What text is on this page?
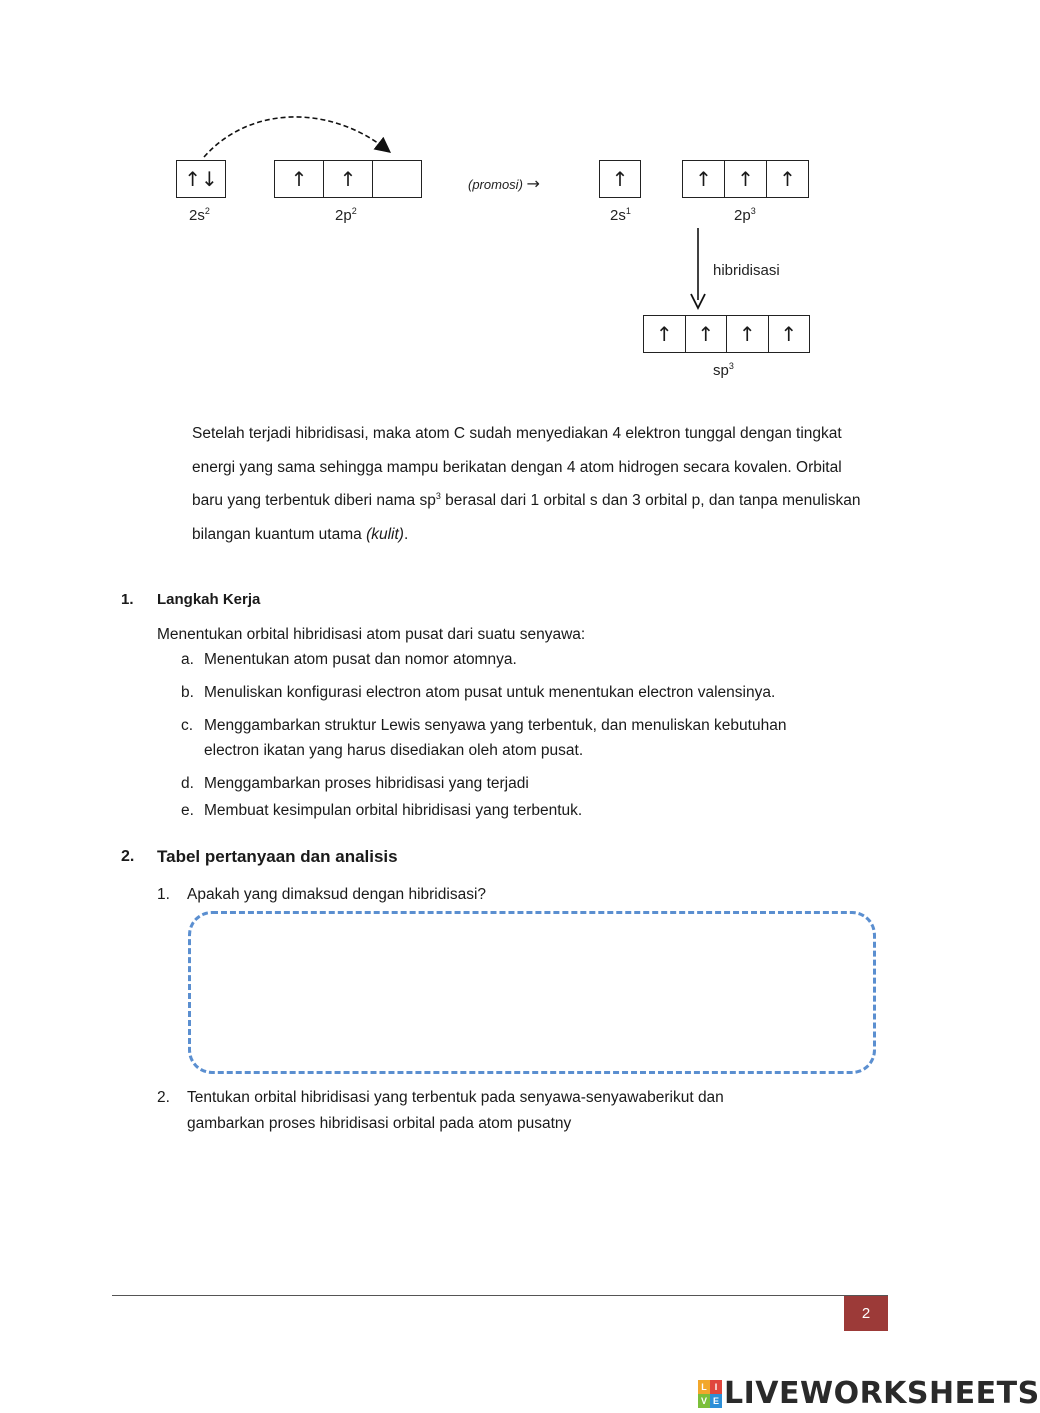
↑↓
$2s^2$
↑	↑
$2p^2$
(promosi) →	↑
$2s^1$
↑	↑	↑
$2p^3$
hibridisasi
↑	↑	↑	↑
$sp^3$
Setelah terjadi hibridisasi, maka atom C sudah menyediakan 4 elektron tunggal dengan tingkat energi yang sama sehingga mampu berikatan dengan 4 atom hidrogen secara kovalen. Orbital baru yang terbentuk diberi nama $sp^3$ berasal dari 1 orbital s dan 3 orbital p, dan tanpa menuliskan bilangan kuantum utama (kulit).
1. Langkah Kerja
Menentukan orbital hibridisasi atom pusat dari suatu senyawa:
a. Menentukan atom pusat dan nomor atomnya.
b. Menuliskan konfigurasi electron atom pusat untuk menentukan electron valensinya.
c. Menggambarkan struktur Lewis senyawa yang terbentuk, dan menuliskan kebutuhan
electron ikatan yang harus disediakan oleh atom pusat.
d. Menggambarkan proses hibridisasi yang terjadi
e. Membuat kesimpulan orbital hibridisasi yang terbentuk.
2. Tabel pertanyaan dan analisis
1. Apakah yang dimaksud dengan hibridisasi?
2. Tentukan orbital hibridisasi yang terbentuk pada senyawa-senyawaberikut dan
gambarkan proses hibridisasi orbital pada atom pusatny
2
L I
V E LIVEWORKSHEETS
